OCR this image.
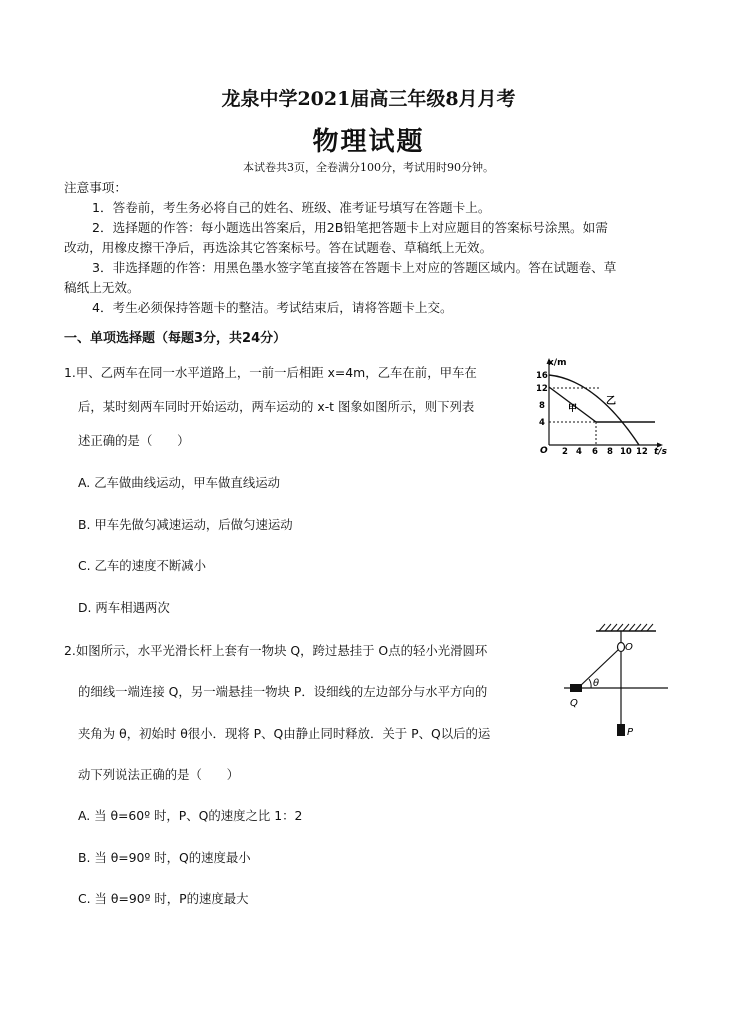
龙泉中学2021届高三年级8月月考
物理试题
本试卷共3页，全卷满分100分，考试用时90分钟。
注意事项：
1．答卷前，考生务必将自己的姓名、班级、准考证号填写在答题卡上。
2．选择题的作答：每小题选出答案后，用2B铅笔把答题卡上对应题目的答案标号涂黑。如需
改动，用橡皮擦干净后，再选涂其它答案标号。答在试题卷、草稿纸上无效。
3．非选择题的作答：用黑色墨水签字笔直接答在答题卡上对应的答题区域内。答在试题卷、草
稿纸上无效。
4．考生必须保持答题卡的整洁。考试结束后，请将答题卡上交。
一、单项选择题（每题3分，共24分）
1.甲、乙两车在同一水平道路上，一前一后相距 x=4m，乙车在前，甲车在
后，某时刻两车同时开始运动，两车运动的 x-t 图象如图所示，则下列表
述正确的是（　　）
A. 乙车做曲线运动，甲车做直线运动
B. 甲车先做匀减速运动，后做匀速运动
C. 乙车的速度不断减小
D. 两车相遇两次
x/m
t/s
O
16
12
8
4
2 4 6 8 10 12
甲
乙
2.如图所示，水平光滑长杆上套有一物块 Q，跨过悬挂于 O点的轻小光滑圆环
的细线一端连接 Q，另一端悬挂一物块 P．设细线的左边部分与水平方向的
夹角为 θ，初始时 θ很小．现将 P、Q由静止同时释放．关于 P、Q以后的运
动下列说法正确的是（　　）
A. 当 θ=60º 时，P、Q的速度之比 1：2
B. 当 θ=90º 时，Q的速度最小
C. 当 θ=90º 时，P的速度最大
O
θ
Q
P
